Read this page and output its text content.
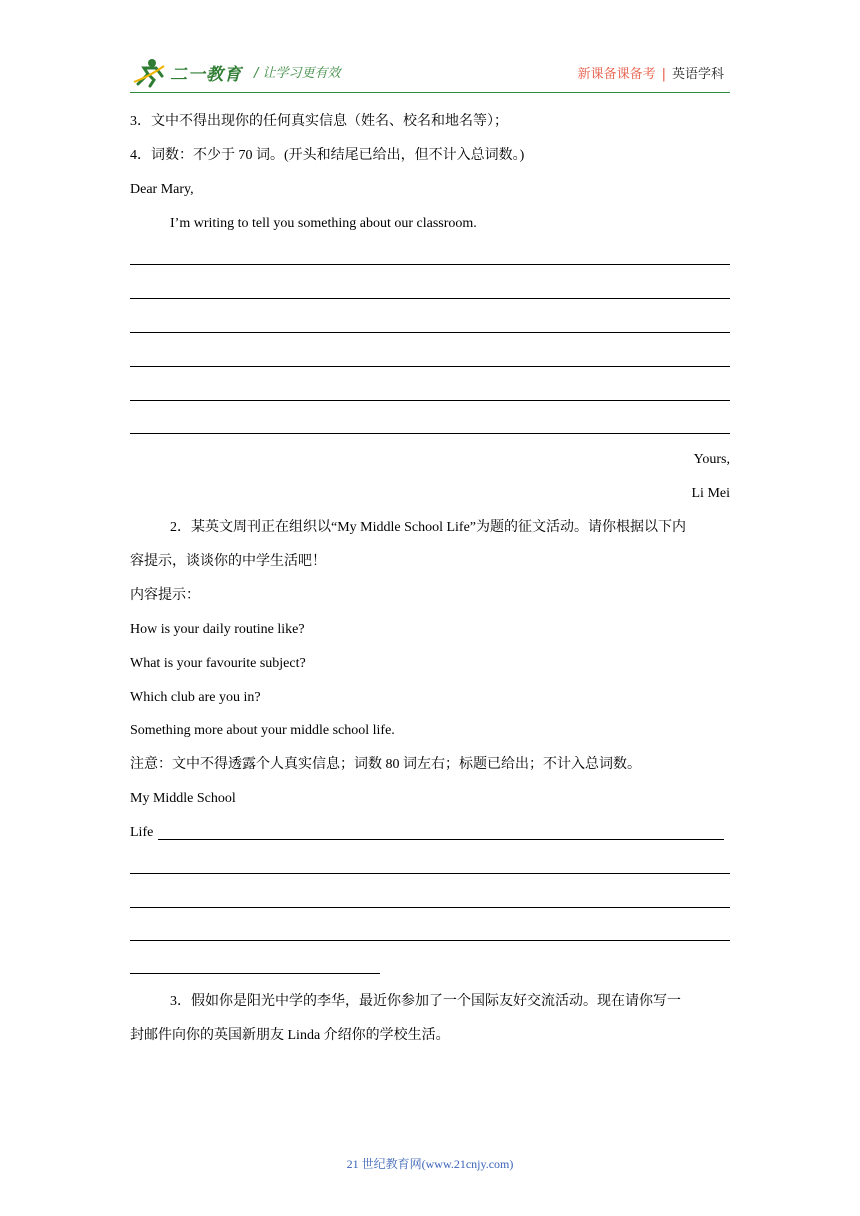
二一教育 / 让学习更有效	新课备课备考 | 英语学科
3．文中不得出现你的任何真实信息（姓名、校名和地名等）；
4．词数：不少于 70 词。(开头和结尾已给出，但不计入总词数。)
Dear Mary,
I’m writing to tell you something about our classroom.
Yours,
Li Mei
2．某英文周刊正在组织以“My Middle School Life”为题的征文活动。请你根据以下内
容提示，谈谈你的中学生活吧！
内容提示：
How is your daily routine like?
What is your favourite subject?
Which club are you in?
Something more about your middle school life.
注意：文中不得透露个人真实信息；词数 80 词左右；标题已给出；不计入总词数。
My Middle School
Life
3．假如你是阳光中学的李华，最近你参加了一个国际友好交流活动。现在请你写一
封邮件向你的英国新朋友 Linda 介绍你的学校生活。
21 世纪教育网(www.21cnjy.com)
